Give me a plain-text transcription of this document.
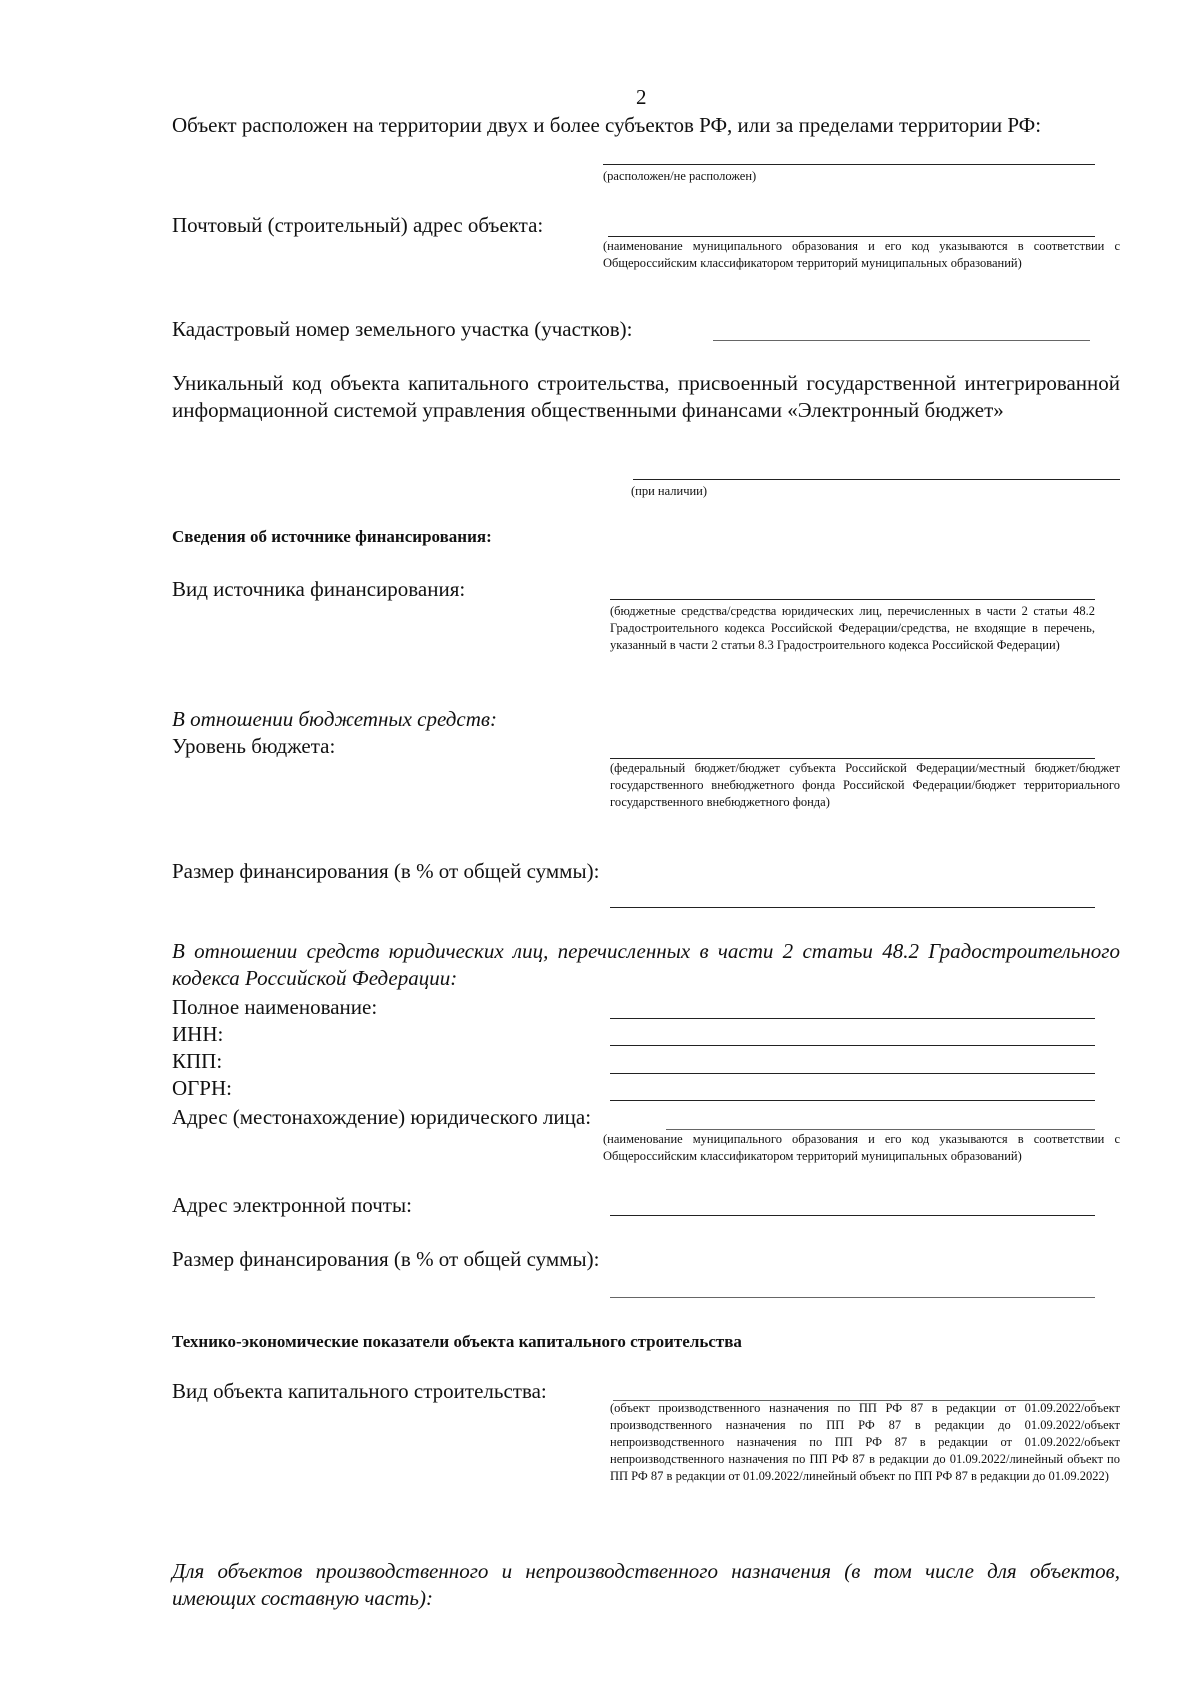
2
Объект расположен на территории двух и более субъектов РФ, или за пределами территории РФ:
(расположен/не расположен)
Почтовый (строительный) адрес объекта:
(наименование муниципального образования и его код указываются в соответствии с Общероссийским классификатором территорий муниципальных образований)
Кадастровый номер земельного участка (участков):
Уникальный код объекта капитального строительства, присвоенный государственной интегрированной информационной системой управления общественными финансами «Электронный бюджет»
(при наличии)
Сведения об источнике финансирования:
Вид источника финансирования:
(бюджетные средства/средства юридических лиц, перечисленных в части 2 статьи 48.2 Градостроительного кодекса Российской Федерации/средства, не входящие в перечень, указанный в части 2 статьи 8.3 Градостроительного кодекса Российской Федерации)
В отношении бюджетных средств:
Уровень бюджета:
(федеральный бюджет/бюджет субъекта Российской Федерации/местный бюджет/бюджет государственного внебюджетного фонда Российской Федерации/бюджет территориального государственного внебюджетного фонда)
Размер финансирования (в % от общей суммы):
В отношении средств юридических лиц, перечисленных в части 2 статьи 48.2 Градостроительного кодекса Российской Федерации:
Полное наименование:
ИНН:
КПП:
ОГРН:
Адрес (местонахождение) юридического лица:
(наименование муниципального образования и его код указываются в соответствии с Общероссийским классификатором территорий муниципальных образований)
Адрес электронной почты:
Размер финансирования (в % от общей суммы):
Технико-экономические показатели объекта капитального строительства
Вид объекта капитального строительства:
(объект производственного назначения по ПП РФ 87 в редакции от 01.09.2022/объект производственного назначения по ПП РФ 87 в редакции до 01.09.2022/объект непроизводственного назначения по ПП РФ 87 в редакции от 01.09.2022/объект непроизводственного назначения по ПП РФ 87 в редакции до 01.09.2022/линейный объект по ПП РФ 87 в редакции от 01.09.2022/линейный объект по ПП РФ 87 в редакции до 01.09.2022)
Для объектов производственного и непроизводственного назначения (в том числе для объектов, имеющих составную часть):
